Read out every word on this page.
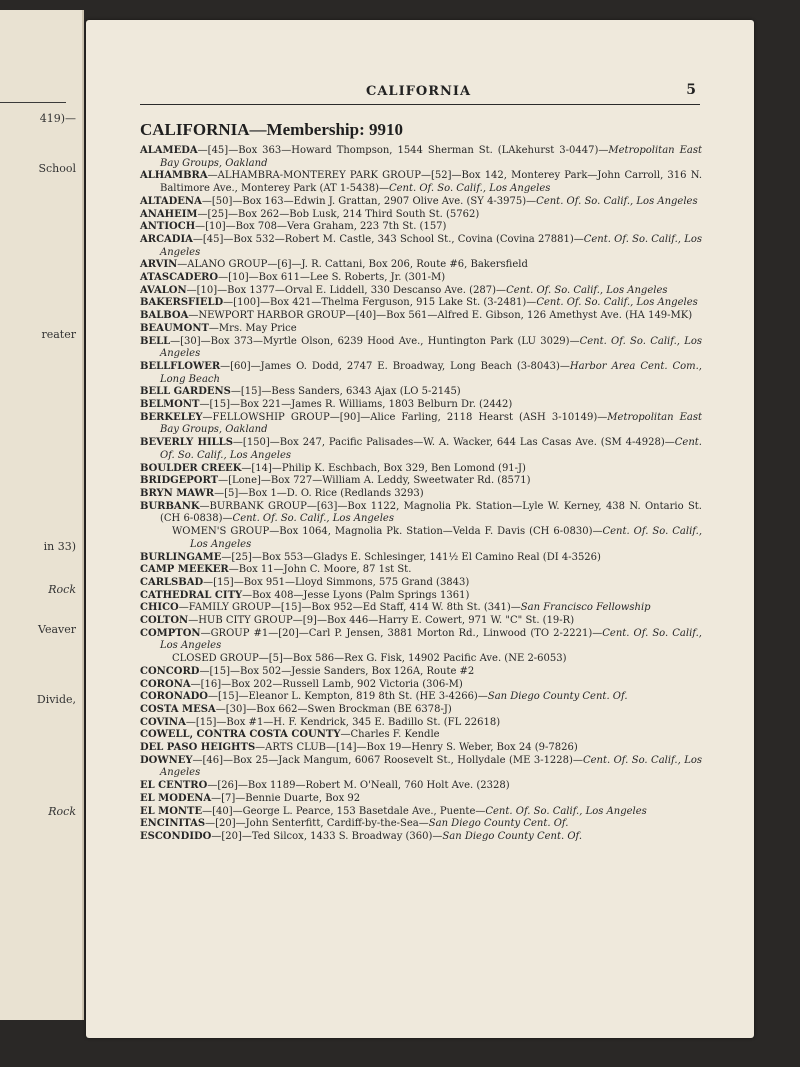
419)—
School
reater
in 33)
Rock
Veaver
Divide,
Rock
CALIFORNIA	5
CALIFORNIA—Membership: 9910

ALAMEDA—[45]—Box 363—Howard Thompson, 1544 Sherman St. (LAkehurst 3-0447)—Metropolitan East Bay Groups, Oakland

ALHAMBRA—ALHAMBRA-MONTEREY PARK GROUP—[52]—Box 142, Monterey Park—John Carroll, 316 N. Baltimore Ave., Monterey Park (AT 1-5438)—Cent. Of. So. Calif., Los Angeles

ALTADENA—[50]—Box 163—Edwin J. Grattan, 2907 Olive Ave. (SY 4-3975)—Cent. Of. So. Calif., Los Angeles

ANAHEIM—[25]—Box 262—Bob Lusk, 214 Third South St. (5762)

ANTIOCH—[10]—Box 708—Vera Graham, 223 7th St. (157)

ARCADIA—[45]—Box 532—Robert M. Castle, 343 School St., Covina (Covina 27881)—Cent. Of. So. Calif., Los Angeles

ARVIN—ALANO GROUP—[6]—J. R. Cattani, Box 206, Route #6, Bakersfield

ATASCADERO—[10]—Box 611—Lee S. Roberts, Jr. (301-M)

AVALON—[10]—Box 1377—Orval E. Liddell, 330 Descanso Ave. (287)—Cent. Of. So. Calif., Los Angeles

BAKERSFIELD—[100]—Box 421—Thelma Ferguson, 915 Lake St. (3-2481)—Cent. Of. So. Calif., Los Angeles

BALBOA—NEWPORT HARBOR GROUP—[40]—Box 561—Alfred E. Gibson, 126 Amethyst Ave. (HA 149-MK)

BEAUMONT—Mrs. May Price

BELL—[30]—Box 373—Myrtle Olson, 6239 Hood Ave., Huntington Park (LU 3029)—Cent. Of. So. Calif., Los Angeles

BELLFLOWER—[60]—James O. Dodd, 2747 E. Broadway, Long Beach (3-8043)—Harbor Area Cent. Com., Long Beach

BELL GARDENS—[15]—Bess Sanders, 6343 Ajax (LO 5-2145)

BELMONT—[15]—Box 221—James R. Williams, 1803 Belburn Dr. (2442)

BERKELEY—FELLOWSHIP GROUP—[90]—Alice Farling, 2118 Hearst (ASH 3-10149)—Metropolitan East Bay Groups, Oakland

BEVERLY HILLS—[150]—Box 247, Pacific Palisades—W. A. Wacker, 644 Las Casas Ave. (SM 4-4928)—Cent. Of. So. Calif., Los Angeles

BOULDER CREEK—[14]—Philip K. Eschbach, Box 329, Ben Lomond (91-J)

BRIDGEPORT—[Lone]—Box 727—William A. Leddy, Sweetwater Rd. (8571)

BRYN MAWR—[5]—Box 1—D. O. Rice (Redlands 3293)

BURBANK—BURBANK GROUP—[63]—Box 1122, Magnolia Pk. Station—Lyle W. Kerney, 438 N. Ontario St. (CH 6-0838)—Cent. Of. So. Calif., Los Angeles

WOMEN'S GROUP—Box 1064, Magnolia Pk. Station—Velda F. Davis (CH 6-0830)—Cent. Of. So. Calif., Los Angeles

BURLINGAME—[25]—Box 553—Gladys E. Schlesinger, 141½ El Camino Real (DI 4-3526)

CAMP MEEKER—Box 11—John C. Moore, 87 1st St.

CARLSBAD—[15]—Box 951—Lloyd Simmons, 575 Grand (3843)

CATHEDRAL CITY—Box 408—Jesse Lyons (Palm Springs 1361)

CHICO—FAMILY GROUP—[15]—Box 952—Ed Staff, 414 W. 8th St. (341)—San Francisco Fellowship

COLTON—HUB CITY GROUP—[9]—Box 446—Harry E. Cowert, 971 W. "C" St. (19-R)

COMPTON—GROUP #1—[20]—Carl P. Jensen, 3881 Morton Rd., Linwood (TO 2-2221)—Cent. Of. So. Calif., Los Angeles

CLOSED GROUP—[5]—Box 586—Rex G. Fisk, 14902 Pacific Ave. (NE 2-6053)

CONCORD—[15]—Box 502—Jessie Sanders, Box 126A, Route #2

CORONA—[16]—Box 202—Russell Lamb, 902 Victoria (306-M)

CORONADO—[15]—Eleanor L. Kempton, 819 8th St. (HE 3-4266)—San Diego County Cent. Of.

COSTA MESA—[30]—Box 662—Swen Brockman (BE 6378-J)

COVINA—[15]—Box #1—H. F. Kendrick, 345 E. Badillo St. (FL 22618)

COWELL, CONTRA COSTA COUNTY—Charles F. Kendle

DEL PASO HEIGHTS—ARTS CLUB—[14]—Box 19—Henry S. Weber, Box 24 (9-7826)

DOWNEY—[46]—Box 25—Jack Mangum, 6067 Roosevelt St., Hollydale (ME 3-1228)—Cent. Of. So. Calif., Los Angeles

EL CENTRO—[26]—Box 1189—Robert M. O'Neall, 760 Holt Ave. (2328)

EL MODENA—[7]—Bennie Duarte, Box 92

EL MONTE—[40]—George L. Pearce, 153 Basetdale Ave., Puente—Cent. Of. So. Calif., Los Angeles

ENCINITAS—[20]—John Senterfitt, Cardiff-by-the-Sea—San Diego County Cent. Of.

ESCONDIDO—[20]—Ted Silcox, 1433 S. Broadway (360)—San Diego County Cent. Of.
